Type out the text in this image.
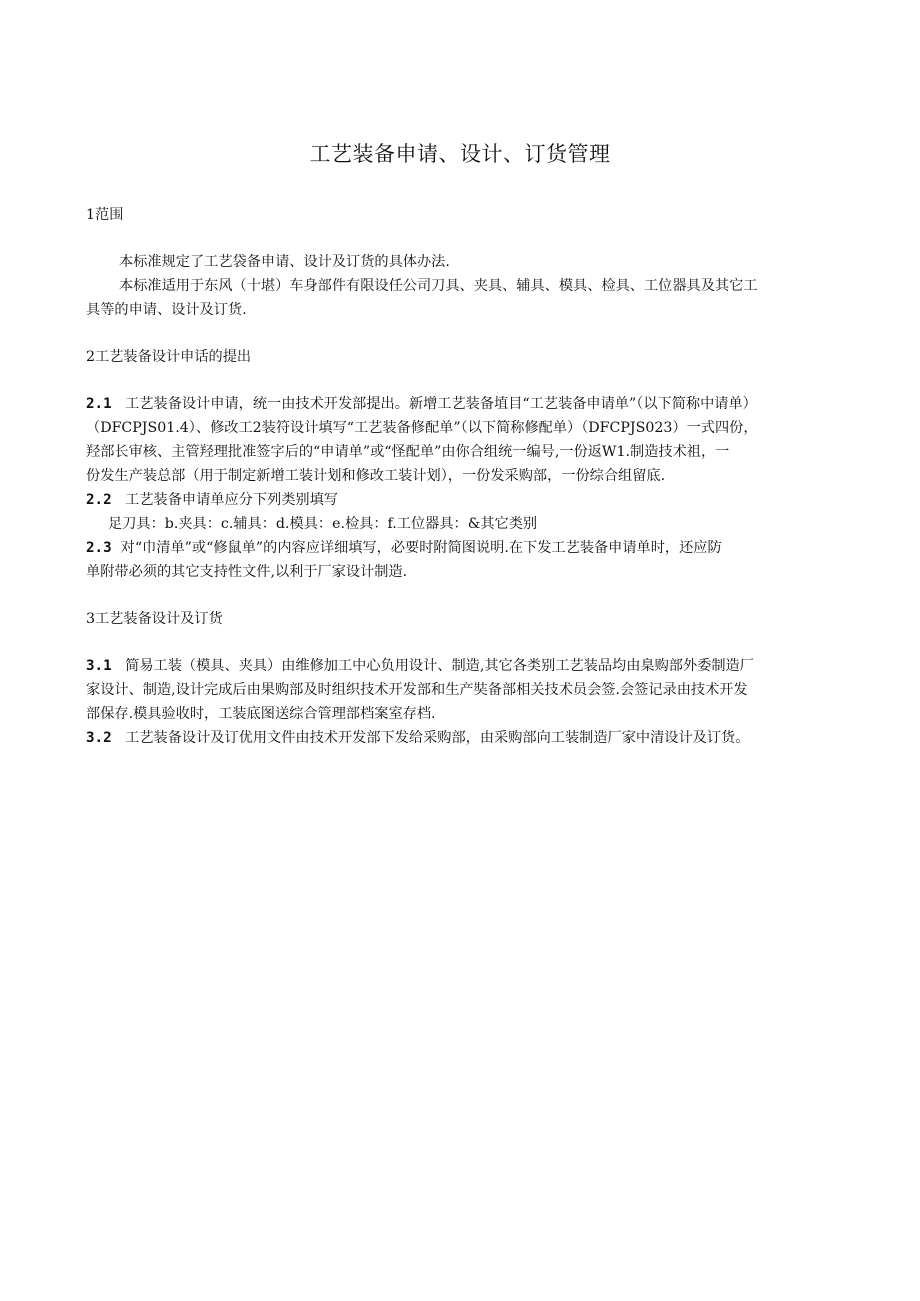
工艺装备申请、设计、订货管理
1范围
本标准规定了工艺袋备申请、设计及订货的具体办法.
本标准适用于东风（十堪）车身部件有限设任公司刀具、夹具、辅具、模具、检具、工位器具及其它工
具等的申请、设计及订货.
2工艺装备设计申话的提出
2.1 工艺装备设计申请，统一由技术开发部提出。新增工艺装备埴目“工艺装备申请单”（以下简称中请单）
（DFCPJS01.4）、修改工2装符设计填写“工艺装备修配单”（以下简称修配单）（DFCPJS023）一式四份，
羟部长审核、主管羟理批准签字后的“申请单”或“怪配单”由你合组统一编号,一份返W1.制造技术祖，一
份发生产装总部（用于制定新增工装计划和修改工装计划），一份发采购部，一份综合组留底.
2.2 工艺装备申请单应分下列类别填写
足刀具：b.夹具：c.辅具：d.模具：e.检具：f.工位器具：&其它类别
2.3 对“巾清单”或“修鼠单”的内容应详细填写，必要时附简图说明.在下发工艺装备申请单时，还应防
单附带必须的其它支持性文件,以利于厂家设计制造.
3工艺装备设计及订货
3.1 简易工装（模具、夹具）由维修加工中心负用设计、制造,其它各类别工艺装品均由臬购部外委制造厂
家设计、制造,设计完成后由果购部及时组织技术开发部和生产奘备部相关技术员会签.会签记录由技术开发
部保存.模具验收时，工装底图送综合管理部档案室存档.
3.2 工艺装备设计及订优用文件由技术开发部下发给采购部，由采购部向工装制造厂家中清设计及订货。
